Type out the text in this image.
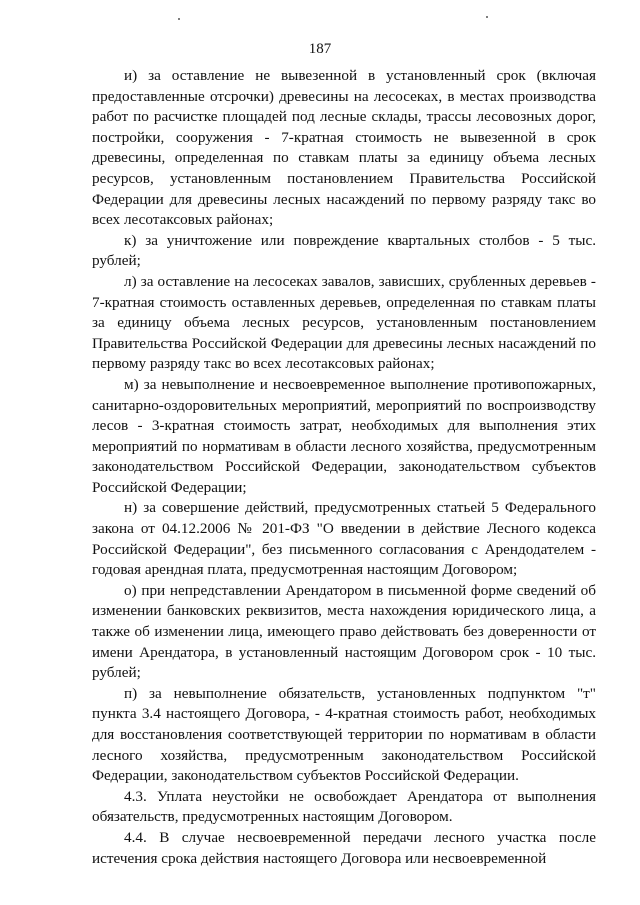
187

и) за оставление не вывезенной в установленный срок (включая предоставленные отсрочки) древесины на лесосеках, в местах производства работ по расчистке площадей под лесные склады, трассы лесовозных дорог, постройки, сооружения - 7-кратная стоимость не вывезенной в срок древесины, определенная по ставкам платы за единицу объема лесных ресурсов, установленным постановлением Правительства Российской Федерации для древесины лесных насаждений по первому разряду такс во всех лесотаксовых районах;

к) за уничтожение или повреждение квартальных столбов - 5 тыс. рублей;

л) за оставление на лесосеках завалов, зависших, срубленных деревьев - 7-кратная стоимость оставленных деревьев, определенная по ставкам платы за единицу объема лесных ресурсов, установленным постановлением Правительства Российской Федерации для древесины лесных насаждений по первому разряду такс во всех лесотаксовых районах;

м) за невыполнение и несвоевременное выполнение противопожарных, санитарно-оздоровительных мероприятий, мероприятий по воспроизводству лесов - 3-кратная стоимость затрат, необходимых для выполнения этих мероприятий по нормативам в области лесного хозяйства, предусмотренным законодательством Российской Федерации, законодательством субъектов Российской Федерации;

н) за совершение действий, предусмотренных статьей 5 Федерального закона от 04.12.2006 № 201-ФЗ "О введении в действие Лесного кодекса Российской Федерации", без письменного согласования с Арендодателем - годовая арендная плата, предусмотренная настоящим Договором;

о) при непредставлении Арендатором в письменной форме сведений об изменении банковских реквизитов, места нахождения юридического лица, а также об изменении лица, имеющего право действовать без доверенности от имени Арендатора, в установленный настоящим Договором срок - 10 тыс. рублей;

п) за невыполнение обязательств, установленных подпунктом "т" пункта 3.4 настоящего Договора, - 4-кратная стоимость работ, необходимых для восстановления соответствующей территории по нормативам в области лесного хозяйства, предусмотренным законодательством Российской Федерации, законодательством субъектов Российской Федерации.

4.3. Уплата неустойки не освобождает Арендатора от выполнения обязательств, предусмотренных настоящим Договором.

4.4. В случае несвоевременной передачи лесного участка после истечения срока действия настоящего Договора или несвоевременной
